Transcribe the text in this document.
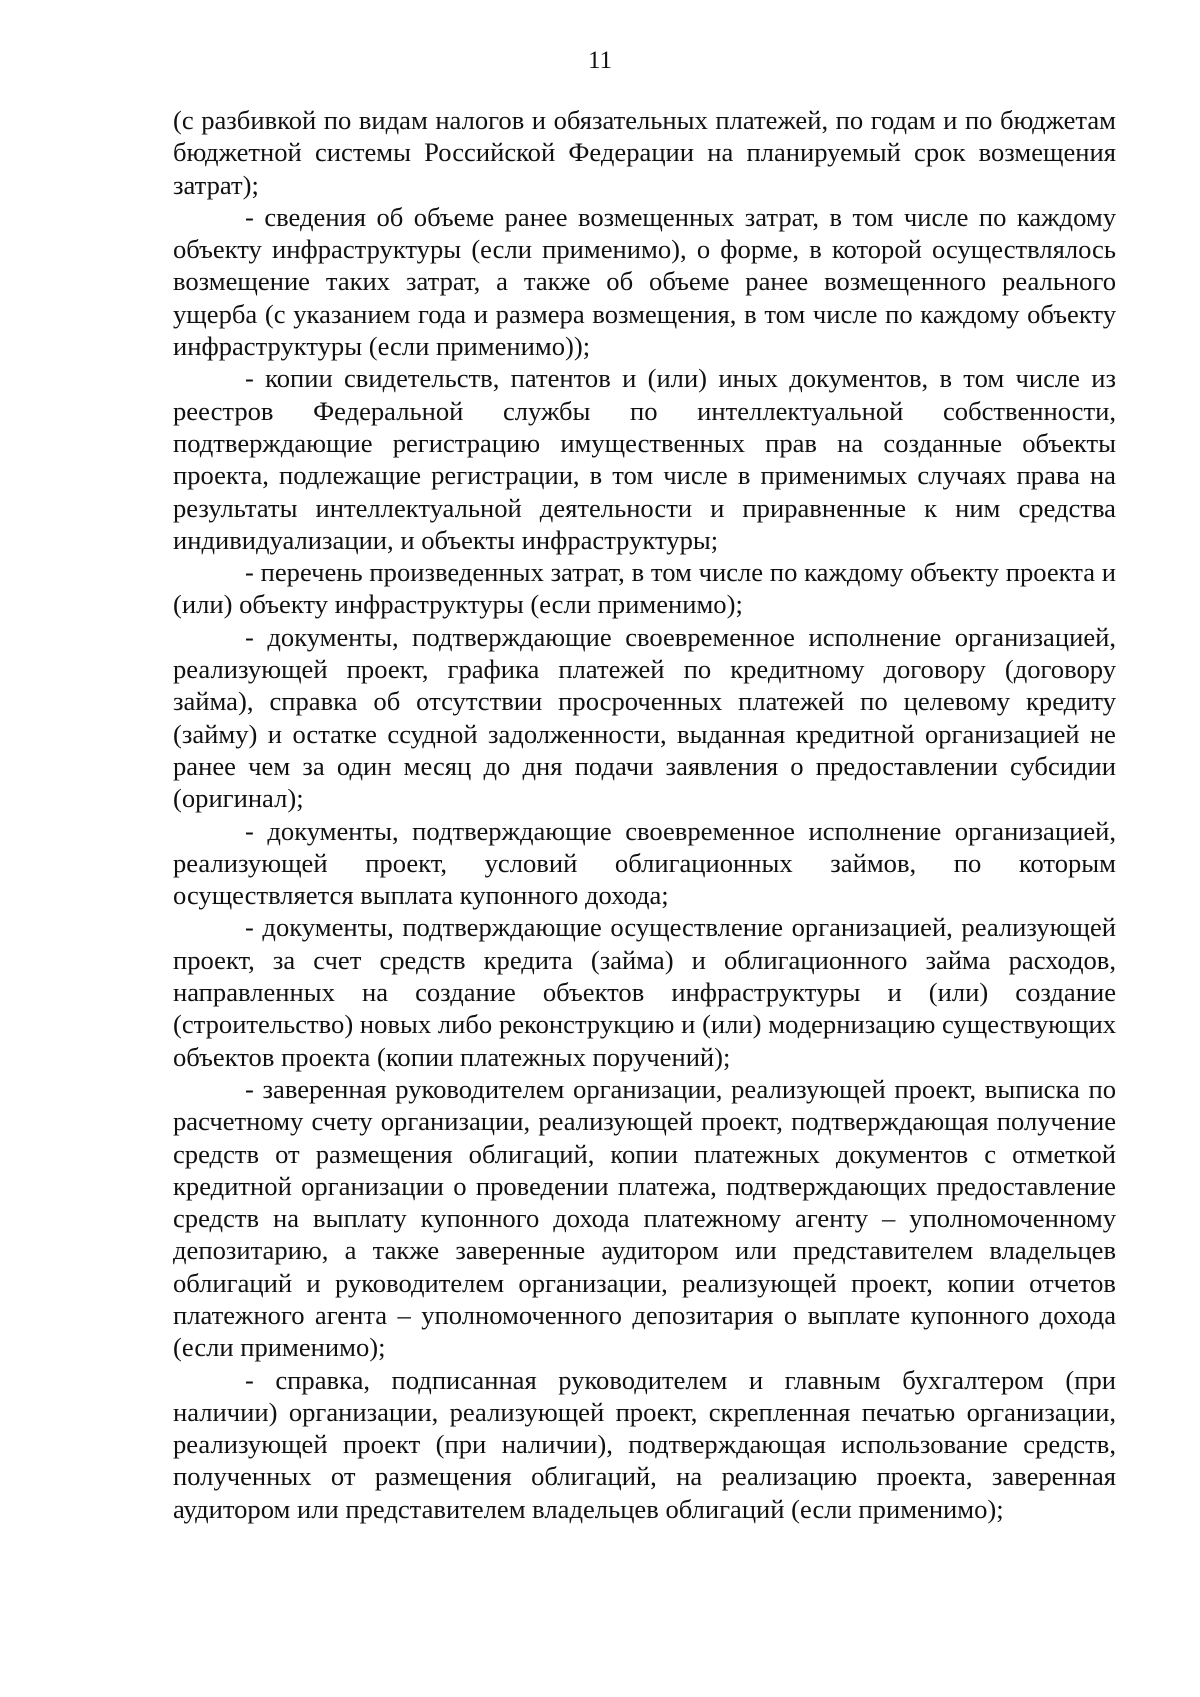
11

(с разбивкой по видам налогов и обязательных платежей, по годам и по бюджетам бюджетной системы Российской Федерации на планируемый срок возмещения затрат);

- сведения об объеме ранее возмещенных затрат, в том числе по каждому объекту инфраструктуры (если применимо), о форме, в которой осуществлялось возмещение таких затрат, а также об объеме ранее возмещенного реального ущерба (с указанием года и размера возмещения, в том числе по каждому объекту инфраструктуры (если применимо));

- копии свидетельств, патентов и (или) иных документов, в том числе из реестров Федеральной службы по интеллектуальной собственности, подтверждающие регистрацию имущественных прав на созданные объекты проекта, подлежащие регистрации, в том числе в применимых случаях права на результаты интеллектуальной деятельности и приравненные к ним средства индивидуализации, и объекты инфраструктуры;

- перечень произведенных затрат, в том числе по каждому объекту проекта и (или) объекту инфраструктуры (если применимо);

- документы, подтверждающие своевременное исполнение организацией, реализующей проект, графика платежей по кредитному договору (договору займа), справка об отсутствии просроченных платежей по целевому кредиту (займу) и остатке ссудной задолженности, выданная кредитной организацией не ранее чем за один месяц до дня подачи заявления о предоставлении субсидии (оригинал);

- документы, подтверждающие своевременное исполнение организацией, реализующей проект, условий облигационных займов, по которым осуществляется выплата купонного дохода;

- документы, подтверждающие осуществление организацией, реализующей проект, за счет средств кредита (займа) и облигационного займа расходов, направленных на создание объектов инфраструктуры и (или) создание (строительство) новых либо реконструкцию и (или) модернизацию существующих объектов проекта (копии платежных поручений);

- заверенная руководителем организации, реализующей проект, выписка по расчетному счету организации, реализующей проект, подтверждающая получение средств от размещения облигаций, копии платежных документов с отметкой кредитной организации о проведении платежа, подтверждающих предоставление средств на выплату купонного дохода платежному агенту – уполномоченному депозитарию, а также заверенные аудитором или представителем владельцев облигаций и руководителем организации, реализующей проект, копии отчетов платежного агента – уполномоченного депозитария о выплате купонного дохода (если применимо);

- справка, подписанная руководителем и главным бухгалтером (при наличии) организации, реализующей проект, скрепленная печатью организации, реализующей проект (при наличии), подтверждающая использование средств, полученных от размещения облигаций, на реализацию проекта, заверенная аудитором или представителем владельцев облигаций (если применимо);
